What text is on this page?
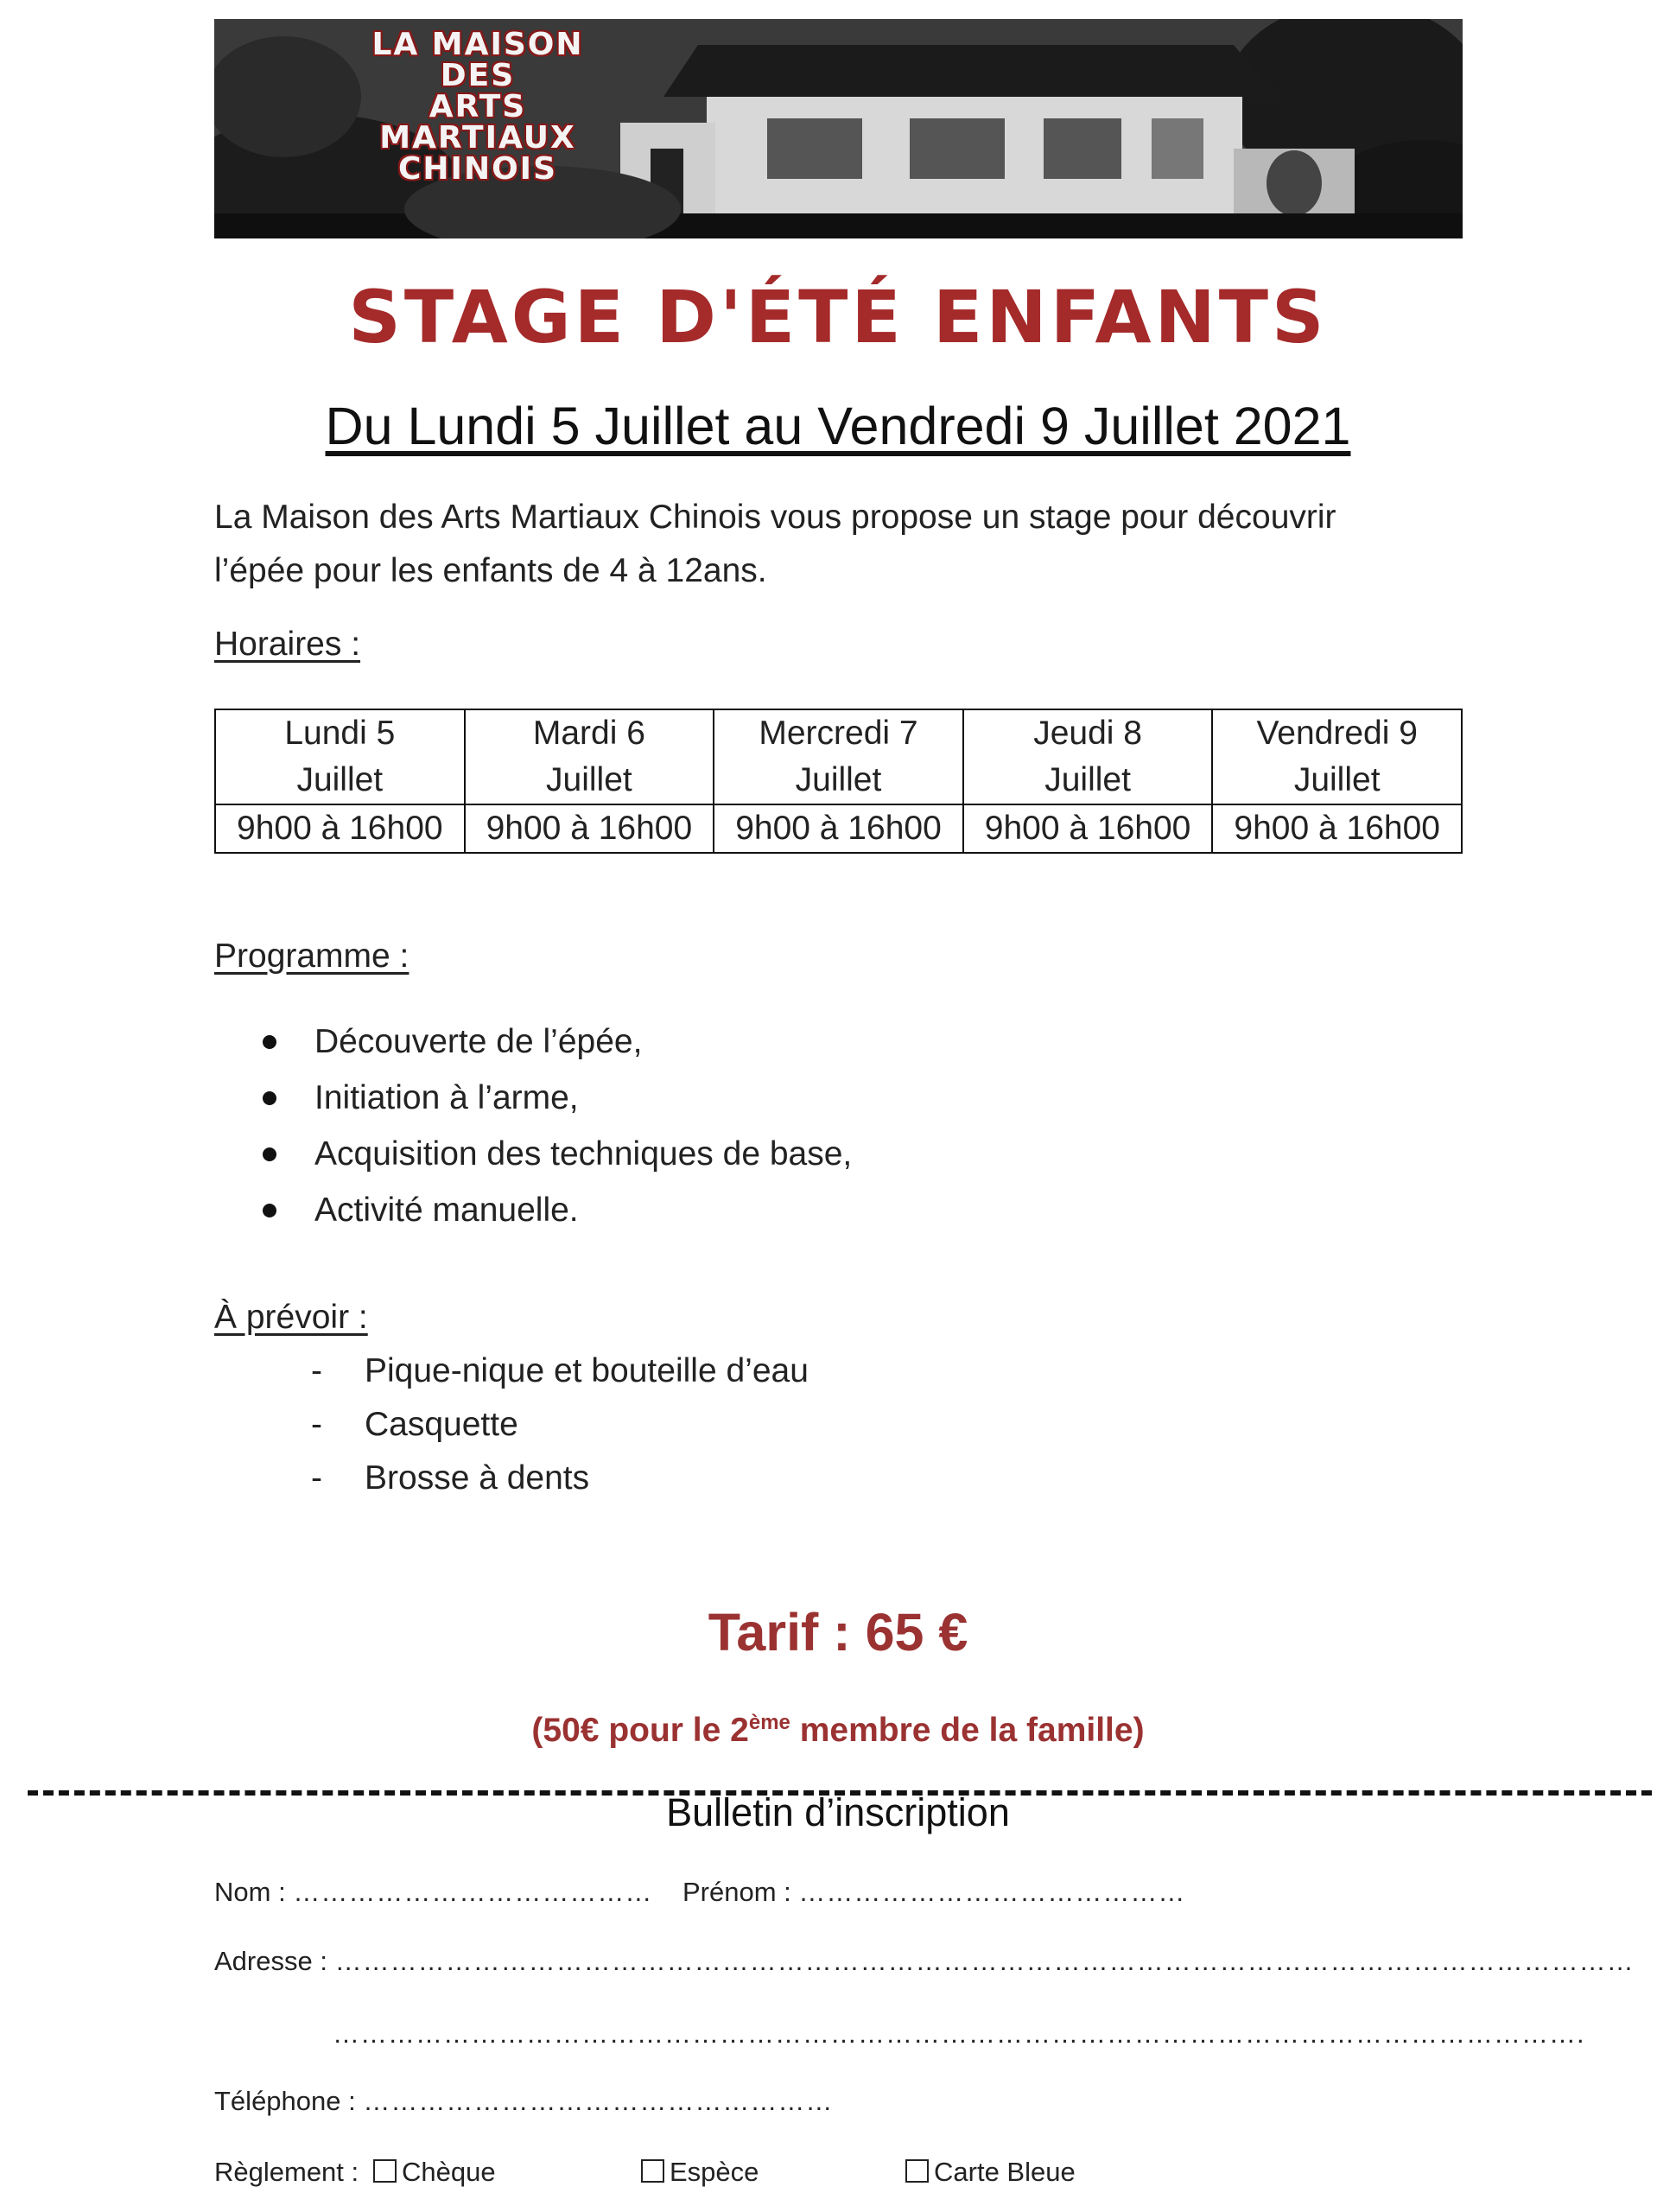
LA MAISON DES
ARTS MARTIAUX
CHINOIS
STAGE D'ÉTÉ ENFANTS
Du Lundi 5 Juillet au Vendredi 9 Juillet 2021

La Maison des Arts Martiaux Chinois vous propose un stage pour découvrir

l’épée pour les enfants de 4 à 12ans.

Horaires :
Lundi 5
Juillet	Mardi 6
Juillet	Mercredi 7
Juillet	Jeudi 8
Juillet	Vendredi 9
Juillet
9h00 à 16h00	9h00 à 16h00	9h00 à 16h00	9h00 à 16h00	9h00 à 16h00
Programme :
Découverte de l’épée,
Initiation à l’arme,
Acquisition des techniques de base,
Activité manuelle.
À prévoir :
- Pique-nique et bouteille d’eau
- Casquette
- Brosse à dents
Tarif : 65 €
(50€ pour le 2ème membre de la famille)
Bulletin d’inscription
Nom : ………………………………… Prénom : ……………………………………
Adresse : ……………………………………………………………………………………………………………………………
……………………………………………………………………………………………………………………….
Téléphone : ……………………………………………
Règlement :	Chèque	Espèce	Carte Bleue
